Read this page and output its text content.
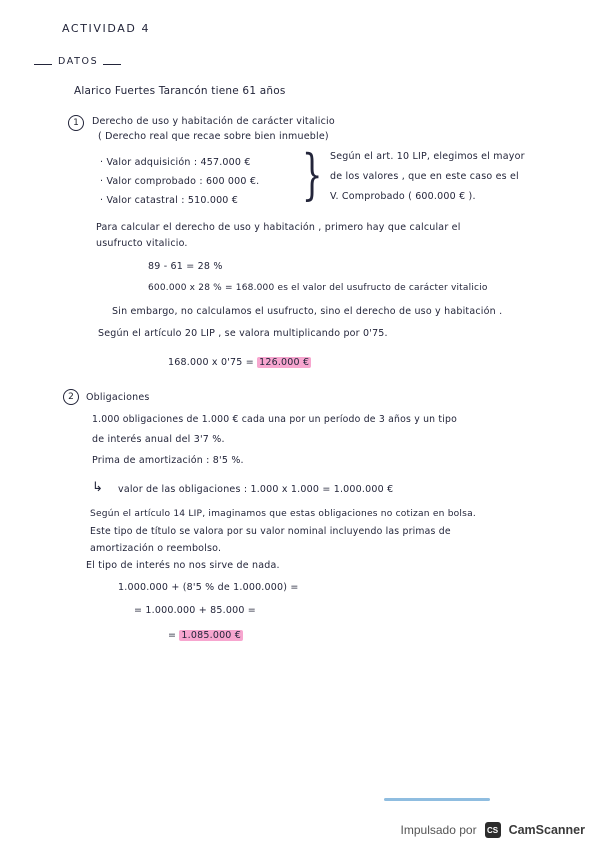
ACTIVIDAD 4
DATOS
Alarico Fuertes Tarancón tiene 61 años
1	Derecho de uso y habitación de carácter vitalicio
( Derecho real que recae sobre bien inmueble)
· Valor adquisición : 457.000 €
· Valor comprobado : 600 000 €.
· Valor catastral : 510.000 € } Según el art. 10 LIP, elegimos el mayor
de los valores , que en este caso es el
V. Comprobado ( 600.000 € ).
Para calcular el derecho de uso y habitación , primero hay que calcular el
usufructo vitalicio.
89 - 61 = 28 %
600.000 x 28 % = 168.000 es el valor del usufructo de carácter vitalicio
Sin embargo, no calculamos el usufructo, sino el derecho de uso y habitación .
Según el artículo 20 LIP , se valora multiplicando por 0'75.
168.000 x 0'75 = 126.000 €
2	Obligaciones
1.000 obligaciones de 1.000 € cada una por un período de 3 años y un tipo
de interés anual del 3'7 %.
Prima de amortización : 8'5 %.
↳ valor de las obligaciones : 1.000 x 1.000 = 1.000.000 €
Según el artículo 14 LIP, imaginamos que estas obligaciones no cotizan en bolsa.
Este tipo de título se valora por su valor nominal incluyendo las primas de
amortización o reembolso.
El tipo de interés no nos sirve de nada.
1.000.000 + (8'5 % de 1.000.000) =
= 1.000.000 + 85.000 =
= 1.085.000 €
Impulsado por	CS CamScanner
